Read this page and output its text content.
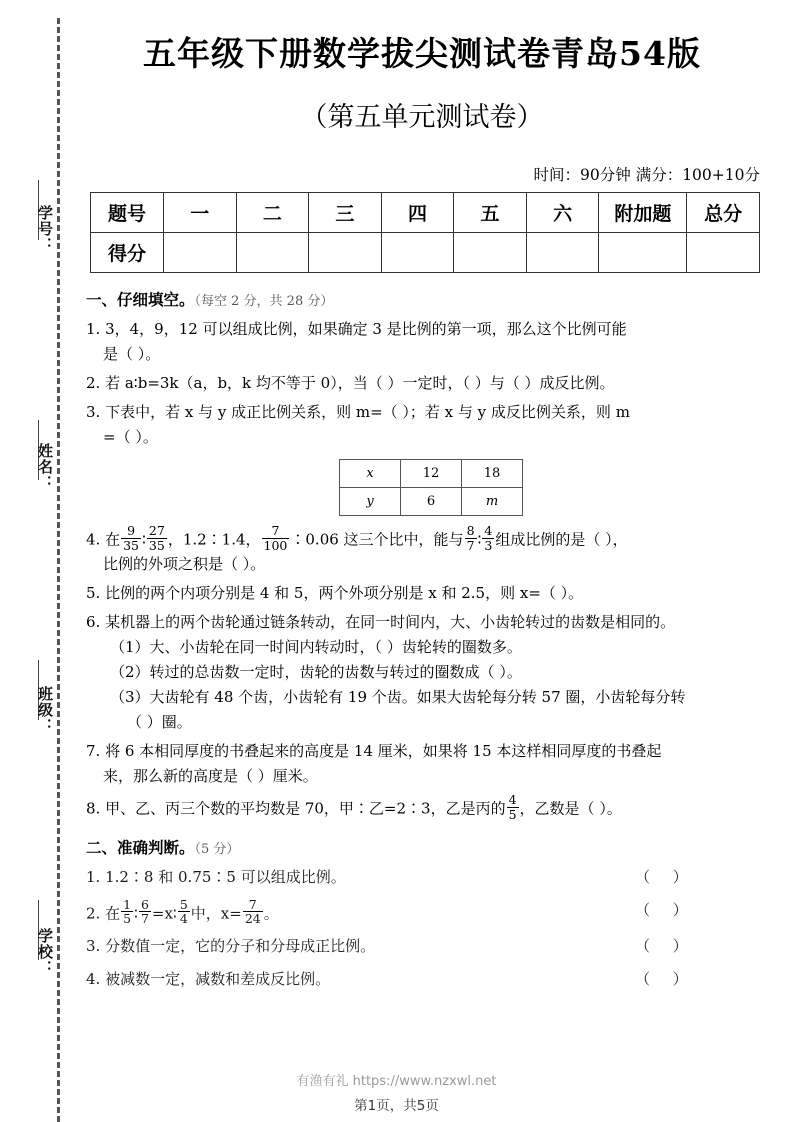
学号：
姓名：
班级：
学校：
五年级下册数学拔尖测试卷青岛54版
（第五单元测试卷）
时间：90分钟 满分：100+10分
题号	一	二	三	四	五	六	附加题	总分
得分								
一、仔细填空。（每空 2 分，共 28 分）
1. 3，4，9，12 可以组成比例，如果确定 3 是比例的第一项，那么这个比例可能
是（ ）。
2. 若 a∶b=3k（a，b，k 均不等于 0），当（ ）一定时，（ ）与（ ）成反比例。
3. 下表中，若 x 与 y 成正比例关系，则 m=（ ）；若 x 与 y 成反比例关系，则 m
=（ ）。
x	12	18
y	6	m
4. 在 $\frac{9}{35}$ ∶ $\frac{27}{35}$ ，1.2∶1.4， $\frac{7}{100}$ ∶0.06 这三个比中，能与 $\frac{8}{7}$ ∶ $\frac{4}{3}$ 组成比例的是（ ），
比例的外项之积是（ ）。
5. 比例的两个内项分别是 4 和 5，两个外项分别是 x 和 2.5，则 x=（ ）。
6. 某机器上的两个齿轮通过链条转动，在同一时间内，大、小齿轮转过的齿数是相同的。
（1）大、小齿轮在同一时间内转动时，（ ）齿轮转的圈数多。
（2）转过的总齿数一定时，齿轮的齿数与转过的圈数成（ ）。
（3）大齿轮有 48 个齿，小齿轮有 19 个齿。如果大齿轮每分转 57 圈，小齿轮每分转
（ ）圈。
7. 将 6 本相同厚度的书叠起来的高度是 14 厘米，如果将 15 本这样相同厚度的书叠起
来，那么新的高度是（ ）厘米。
8. 甲、乙、丙三个数的平均数是 70，甲∶乙=2∶3，乙是丙的 $\frac{4}{5}$ ，乙数是（ ）。
二、准确判断。（5 分）
1. 1.2∶8 和 0.75∶5 可以组成比例。	（ ）
2. 在 $\frac{1}{5}$ ∶ $\frac{6}{7}$ =x∶ $\frac{5}{4}$ 中，$x= \frac{7}{24}$ 。	（ ）
3. 分数值一定，它的分子和分母成正比例。	（ ）
4. 被减数一定，减数和差成反比例。	（ ）
有渔有礼 https://www.nzxwl.net
第1页，共5页
